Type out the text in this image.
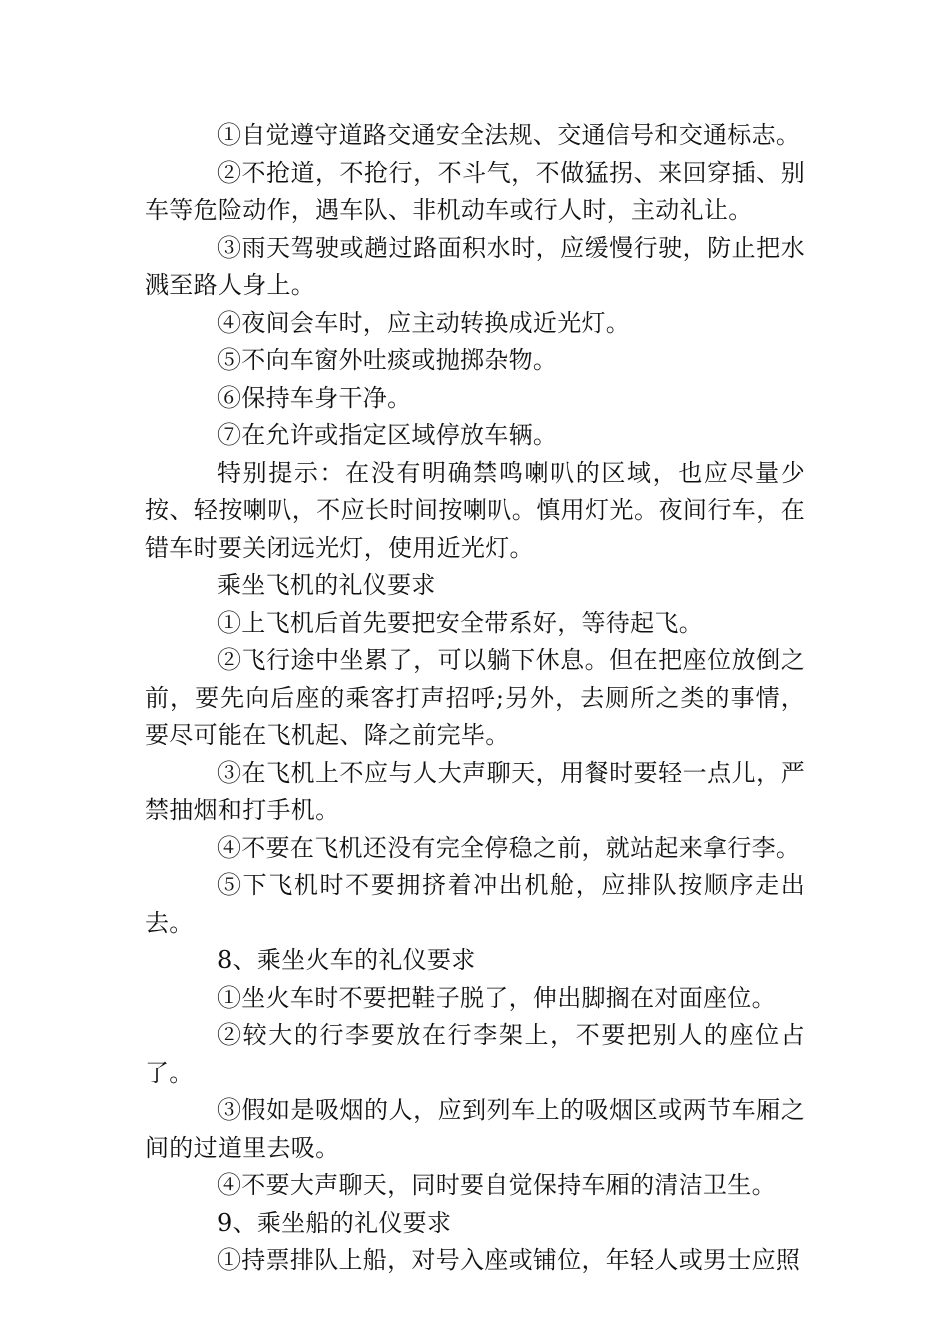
①自觉遵守道路交通安全法规、交通信号和交通标志。

②不抢道，不抢行，不斗气，不做猛拐、来回穿插、别车等危险动作，遇车队、非机动车或行人时，主动礼让。

③雨天驾驶或趟过路面积水时，应缓慢行驶，防止把水溅至路人身上。

④夜间会车时，应主动转换成近光灯。

⑤不向车窗外吐痰或抛掷杂物。

⑥保持车身干净。

⑦在允许或指定区域停放车辆。

特别提示：在没有明确禁鸣喇叭的区域，也应尽量少按、轻按喇叭，不应长时间按喇叭。慎用灯光。夜间行车，在错车时要关闭远光灯，使用近光灯。

乘坐飞机的礼仪要求

①上飞机后首先要把安全带系好，等待起飞。

②飞行途中坐累了，可以躺下休息。但在把座位放倒之前，要先向后座的乘客打声招呼;另外，去厕所之类的事情，要尽可能在飞机起、降之前完毕。

③在飞机上不应与人大声聊天，用餐时要轻一点儿，严禁抽烟和打手机。

④不要在飞机还没有完全停稳之前，就站起来拿行李。

⑤下飞机时不要拥挤着冲出机舱，应排队按顺序走出去。

8、乘坐火车的礼仪要求

①坐火车时不要把鞋子脱了，伸出脚搁在对面座位。

②较大的行李要放在行李架上，不要把别人的座位占了。

③假如是吸烟的人，应到列车上的吸烟区或两节车厢之间的过道里去吸。

④不要大声聊天，同时要自觉保持车厢的清洁卫生。

9、乘坐船的礼仪要求

①持票排队上船，对号入座或铺位，年轻人或男士应照
